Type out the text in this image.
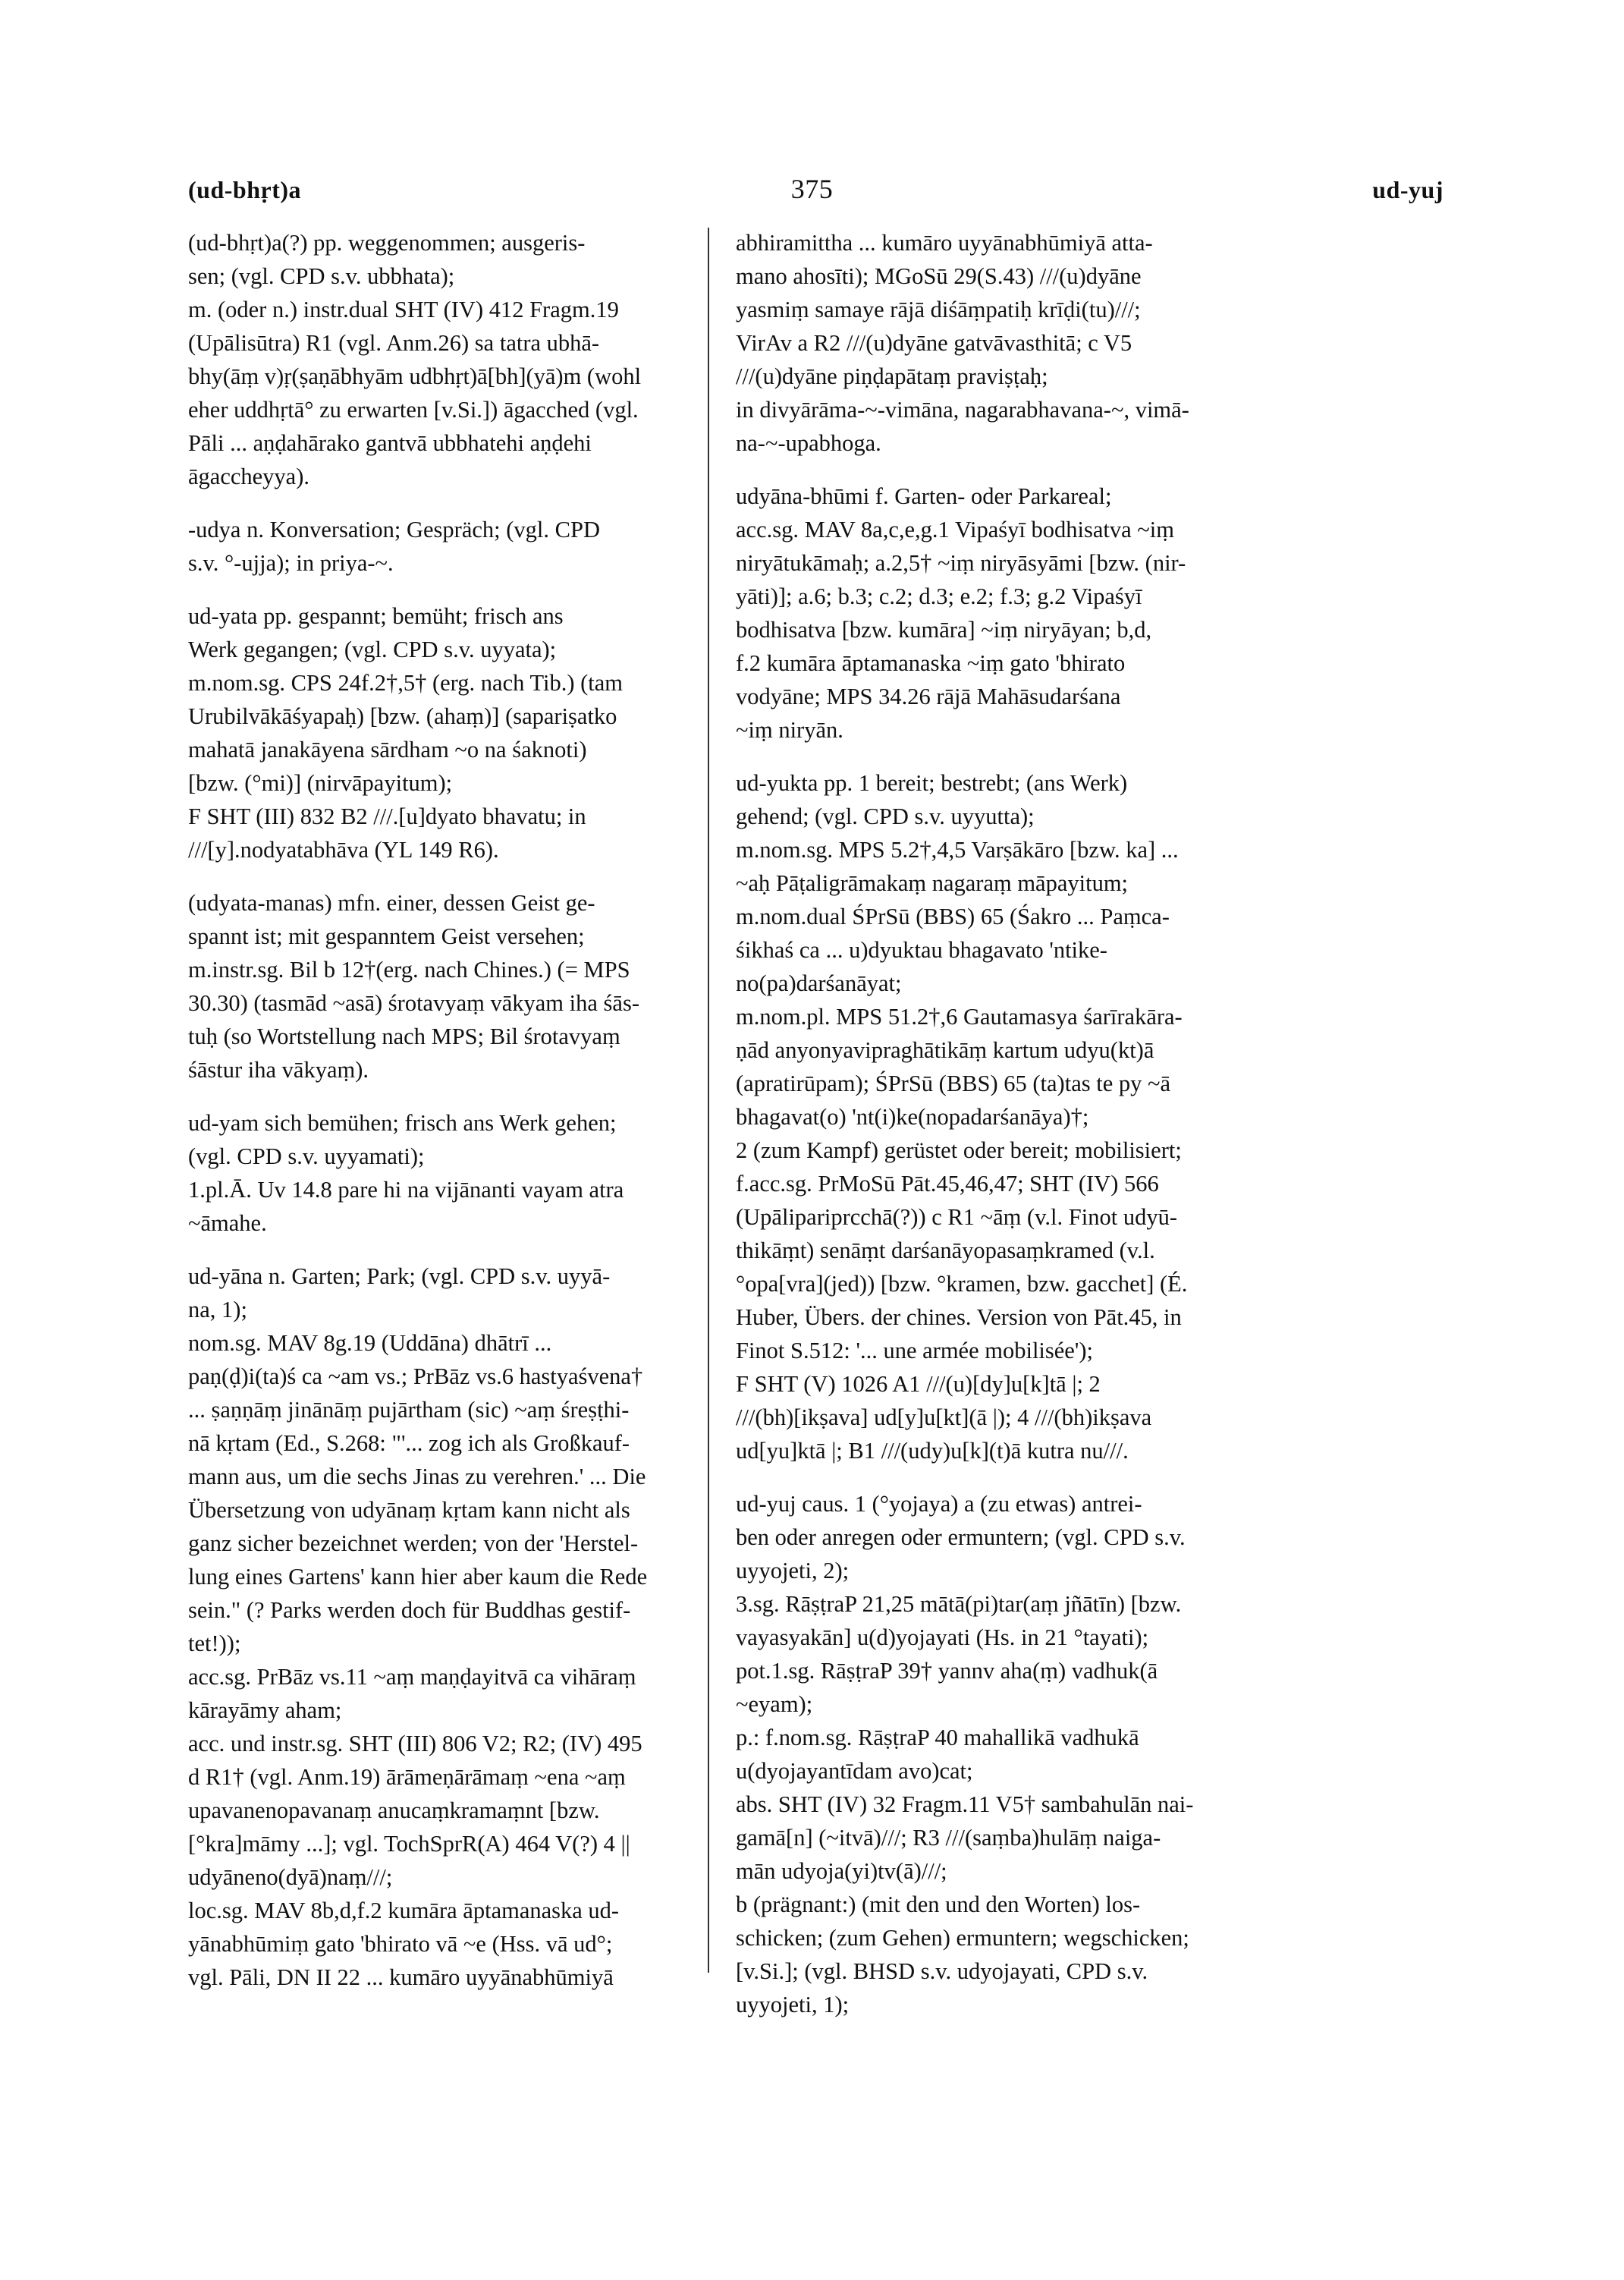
(ud-bhṛt)a	375	ud-yuj
(ud-bhṛt)a(?) pp. weggenommen; ausgeris-
sen; (vgl. CPD s.v. ubbhata);
m. (oder n.) instr.dual SHT (IV) 412 Fragm.19
(Upālisūtra) R1 (vgl. Anm.26) sa tatra ubhā-
bhy(āṃ v)ṛ(ṣaṇābhyām udbhṛt)ā[bh](yā)m (wohl
eher uddhṛtā° zu erwarten [v.Si.]) āgacched (vgl.
Pāli ... aṇḍahārako gantvā ubbhatehi aṇḍehi
āgaccheyya).
-udya n. Konversation; Gespräch; (vgl. CPD
s.v. °-ujja); in priya-~.
ud-yata pp. gespannt; bemüht; frisch ans
Werk gegangen; (vgl. CPD s.v. uyyata);
m.nom.sg. CPS 24f.2†,5† (erg. nach Tib.) (tam
Urubilvākāśyapaḥ) [bzw. (ahaṃ)] (sapariṣatko
mahatā janakāyena sārdham ~o na śaknoti)
[bzw. (°mi)] (nirvāpayitum);
F SHT (III) 832 B2 ///.[u]dyato bhavatu; in
///[y].nodyatabhāva (YL 149 R6).
(udyata-manas) mfn. einer, dessen Geist ge-
spannt ist; mit gespanntem Geist versehen;
m.instr.sg. Bil b 12†(erg. nach Chines.) (= MPS
30.30) (tasmād ~asā) śrotavyaṃ vākyam iha śās-
tuḥ (so Wortstellung nach MPS; Bil śrotavyaṃ
śāstur iha vākyaṃ).
ud-yam sich bemühen; frisch ans Werk gehen;
(vgl. CPD s.v. uyyamati);
1.pl.Ā. Uv 14.8 pare hi na vijānanti vayam atra
~āmahe.
ud-yāna n. Garten; Park; (vgl. CPD s.v. uyyā-
na, 1);
nom.sg. MAV 8g.19 (Uddāna) dhātrī ...
paṇ(ḍ)i(ta)ś ca ~am vs.; PrBāz vs.6 hastyaśvena†
... ṣaṇṇāṃ jinānāṃ pujārtham (sic) ~aṃ śreṣṭhi-
nā kṛtam (Ed., S.268: "'... zog ich als Großkauf-
mann aus, um die sechs Jinas zu verehren.' ... Die
Übersetzung von udyānaṃ kṛtam kann nicht als
ganz sicher bezeichnet werden; von der 'Herstel-
lung eines Gartens' kann hier aber kaum die Rede
sein." (? Parks werden doch für Buddhas gestif-
tet!));
acc.sg. PrBāz vs.11 ~aṃ maṇḍayitvā ca vihāraṃ
kārayāmy aham;
acc. und instr.sg. SHT (III) 806 V2; R2; (IV) 495
d R1† (vgl. Anm.19) ārāmeṇārāmaṃ ~ena ~aṃ
upavanenopavanaṃ anucaṃkramaṃnt [bzw.
[°kra]māmy ...]; vgl. TochSprR(A) 464 V(?) 4 ||
udyāneno(dyā)naṃ///;
loc.sg. MAV 8b,d,f.2 kumāra āptamanaska ud-
yānabhūmiṃ gato 'bhirato vā ~e (Hss. vā ud°;
vgl. Pāli, DN II 22 ... kumāro uyyānabhūmiyā
abhiramittha ... kumāro uyyānabhūmiyā atta-
mano ahosīti); MGoSū 29(S.43) ///(u)dyāne
yasmiṃ samaye rājā diśāṃpatiḥ krīḍi(tu)///;
VirAv a R2 ///(u)dyāne gatvāvasthitā; c V5
///(u)dyāne piṇḍapātaṃ praviṣṭaḥ;
in divyārāma-~-vimāna, nagarabhavana-~, vimā-
na-~-upabhoga.
udyāna-bhūmi f. Garten- oder Parkareal;
acc.sg. MAV 8a,c,e,g.1 Vipaśyī bodhisatva ~iṃ
niryātukāmaḥ; a.2,5† ~iṃ niryāsyāmi [bzw. (nir-
yāti)]; a.6; b.3; c.2; d.3; e.2; f.3; g.2 Vipaśyī
bodhisatva [bzw. kumāra] ~iṃ niryāyan; b,d,
f.2 kumāra āptamanaska ~iṃ gato 'bhirato
vodyāne; MPS 34.26 rājā Mahāsudarśana
~iṃ niryān.
ud-yukta pp. 1 bereit; bestrebt; (ans Werk)
gehend; (vgl. CPD s.v. uyyutta);
m.nom.sg. MPS 5.2†,4,5 Varṣākāro [bzw. ka] ...
~aḥ Pāṭaligrāmakaṃ nagaraṃ māpayitum;
m.nom.dual ŚPrSū (BBS) 65 (Śakro ... Paṃca-
śikhaś ca ... u)dyuktau bhagavato 'ntike-
no(pa)darśanāyat;
m.nom.pl. MPS 51.2†,6 Gautamasya śarīrakāra-
ṇād anyonyavipraghātikāṃ kartum udyu(kt)ā
(apratirūpam); ŚPrSū (BBS) 65 (ta)tas te py ~ā
bhagavat(o) 'nt(i)ke(nopadarśanāya)†;
2 (zum Kampf) gerüstet oder bereit; mobilisiert;
f.acc.sg. PrMoSū Pāt.45,46,47; SHT (IV) 566
(Upālipariprcchā(?)) c R1 ~āṃ (v.l. Finot udyū-
thikāṃt) senāṃt darśanāyopasaṃkramed (v.l.
°opa[vra](jed)) [bzw. °kramen, bzw. gacchet] (É.
Huber, Übers. der chines. Version von Pāt.45, in
Finot S.512: '... une armée mobilisée');
F SHT (V) 1026 A1 ///(u)[dy]u[k]tā |; 2
///(bh)[ikṣava] ud[y]u[kt](ā |); 4 ///(bh)ikṣava
ud[yu]ktā |; B1 ///(udy)u[k](t)ā kutra nu///.
ud-yuj caus. 1 (°yojaya) a (zu etwas) antrei-
ben oder anregen oder ermuntern; (vgl. CPD s.v.
uyyojeti, 2);
3.sg. RāṣṭraP 21,25 mātā(pi)tar(aṃ jñātīn) [bzw.
vayasyakān] u(d)yojayati (Hs. in 21 °tayati);
pot.1.sg. RāṣṭraP 39† yannv aha(ṃ) vadhuk(ā
~eyam);
p.: f.nom.sg. RāṣṭraP 40 mahallikā vadhukā
u(dyojayantīdam avo)cat;
abs. SHT (IV) 32 Fragm.11 V5† sambahulān nai-
gamā[n] (~itvā)///; R3 ///(saṃba)hulāṃ naiga-
mān udyoja(yi)tv(ā)///;
b (prägnant:) (mit den und den Worten) los-
schicken; (zum Gehen) ermuntern; wegschicken;
[v.Si.]; (vgl. BHSD s.v. udyojayati, CPD s.v.
uyyojeti, 1);
